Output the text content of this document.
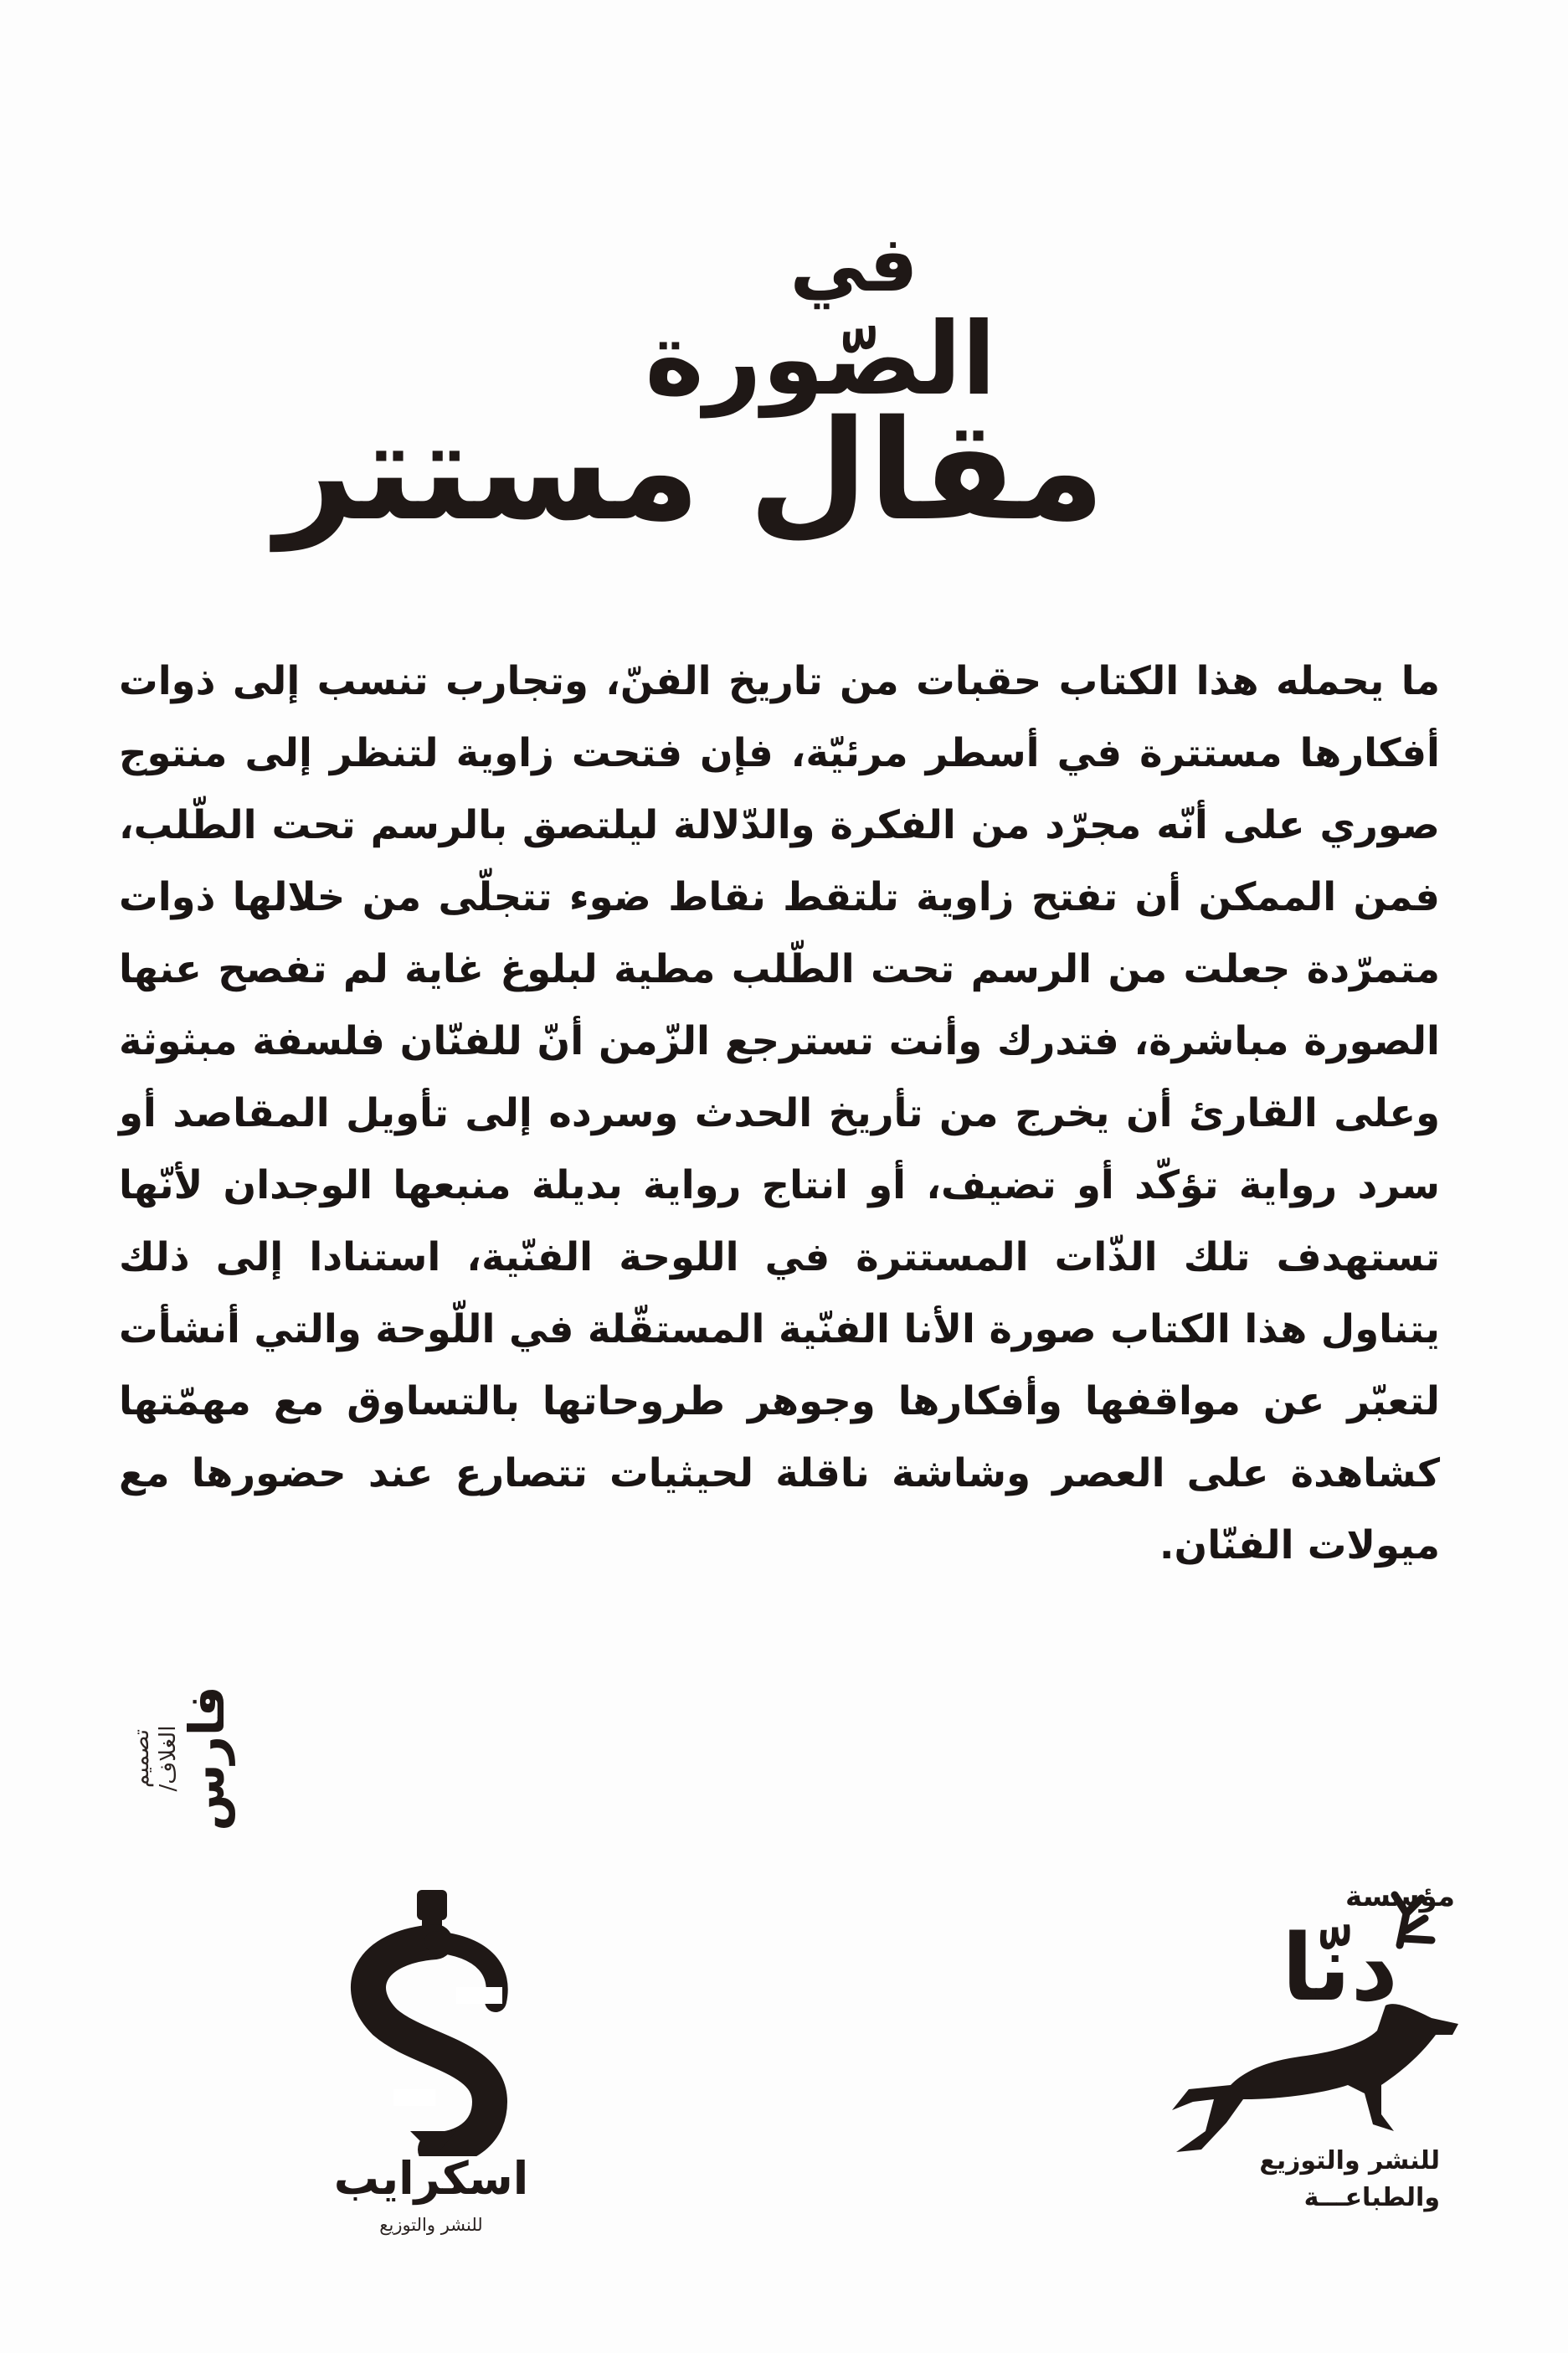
في
الصّورة
مقال مستتر

ما يحمله هذا الكتاب حقبات من تاريخ الفنّ، وتجارب تنسب إلى ذوات أفكارها مستترة في أسطر مرئيّة، فإن فتحت زاوية لتنظر إلى منتوج صوري على أنّه مجرّد من الفكرة والدّلالة ليلتصق بالرسم تحت الطّلب، فمن الممكن أن تفتح زاوية تلتقط نقاط ضوء تتجلّى من خلالها ذوات متمرّدة جعلت من الرسم تحت الطّلب مطية لبلوغ غاية لم تفصح عنها الصورة مباشرة، فتدرك وأنت تسترجع الزّمن أنّ للفنّان فلسفة مبثوثة وعلى القارئ أن يخرج من تأريخ الحدث وسرده إلى تأويل المقاصد أو سرد رواية تؤكّد أو تضيف، أو انتاج رواية بديلة منبعها الوجدان لأنّها تستهدف تلك الذّات المستترة في اللوحة الفنّية، استنادا إلى ذلك يتناول هذا الكتاب صورة الأنا الفنّية المستقّلة في اللّوحة والتي أنشأت لتعبّر عن مواقفها وأفكارها وجوهر طروحاتها بالتساوق مع مهمّتها كشاهدة على العصر وشاشة ناقلة لحيثيات تتصارع عند حضورها مع ميولات الفنّان.

تصميم الغلاف/
فارس
اسكرايب
للنشر والتوزيع
مؤسسة
دنّا
للنشر والتوزيع
والطباعـــة
